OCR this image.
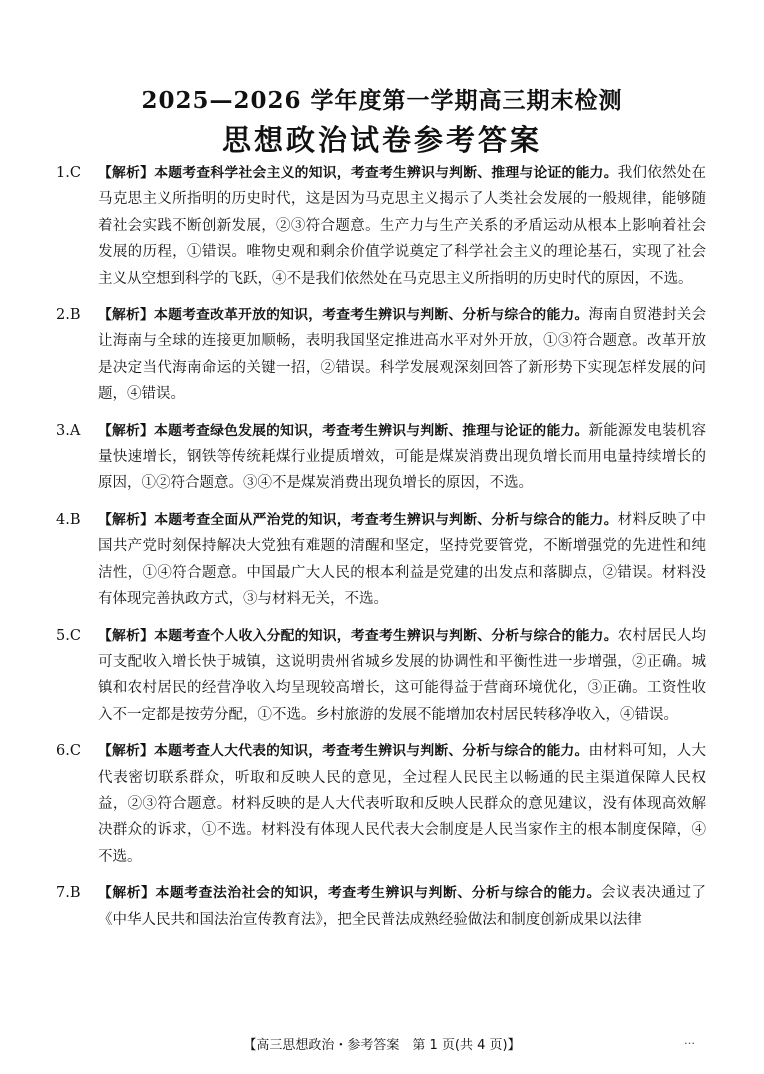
2025—2026 学年度第一学期高三期末检测
思想政治试卷参考答案
1.C	【解析】本题考查科学社会主义的知识，考查考生辨识与判断、推理与论证的能力。我们依然处在马克思主义所指明的历史时代，这是因为马克思主义揭示了人类社会发展的一般规律，能够随着社会实践不断创新发展，②③符合题意。生产力与生产关系的矛盾运动从根本上影响着社会发展的历程，①错误。唯物史观和剩余价值学说奠定了科学社会主义的理论基石，实现了社会主义从空想到科学的飞跃，④不是我们依然处在马克思主义所指明的历史时代的原因，不选。
2.B	【解析】本题考查改革开放的知识，考查考生辨识与判断、分析与综合的能力。海南自贸港封关会让海南与全球的连接更加顺畅，表明我国坚定推进高水平对外开放，①③符合题意。改革开放是决定当代海南命运的关键一招，②错误。科学发展观深刻回答了新形势下实现怎样发展的问题，④错误。
3.A	【解析】本题考查绿色发展的知识，考查考生辨识与判断、推理与论证的能力。新能源发电装机容量快速增长，钢铁等传统耗煤行业提质增效，可能是煤炭消费出现负增长而用电量持续增长的原因，①②符合题意。③④不是煤炭消费出现负增长的原因，不选。
4.B	【解析】本题考查全面从严治党的知识，考查考生辨识与判断、分析与综合的能力。材料反映了中国共产党时刻保持解决大党独有难题的清醒和坚定，坚持党要管党，不断增强党的先进性和纯洁性，①④符合题意。中国最广大人民的根本利益是党建的出发点和落脚点，②错误。材料没有体现完善执政方式，③与材料无关，不选。
5.C	【解析】本题考查个人收入分配的知识，考查考生辨识与判断、分析与综合的能力。农村居民人均可支配收入增长快于城镇，这说明贵州省城乡发展的协调性和平衡性进一步增强，②正确。城镇和农村居民的经营净收入均呈现较高增长，这可能得益于营商环境优化，③正确。工资性收入不一定都是按劳分配，①不选。乡村旅游的发展不能增加农村居民转移净收入，④错误。
6.C	【解析】本题考查人大代表的知识，考查考生辨识与判断、分析与综合的能力。由材料可知，人大代表密切联系群众，听取和反映人民的意见，全过程人民民主以畅通的民主渠道保障人民权益，②③符合题意。材料反映的是人大代表听取和反映人民群众的意见建议，没有体现高效解决群众的诉求，①不选。材料没有体现人民代表大会制度是人民当家作主的根本制度保障，④不选。
7.B	【解析】本题考查法治社会的知识，考查考生辨识与判断、分析与综合的能力。会议表决通过了《中华人民共和国法治宣传教育法》，把全民普法成熟经验做法和制度创新成果以法律
【高三思想政治・参考答案　第 1 页(共 4 页)】	…
